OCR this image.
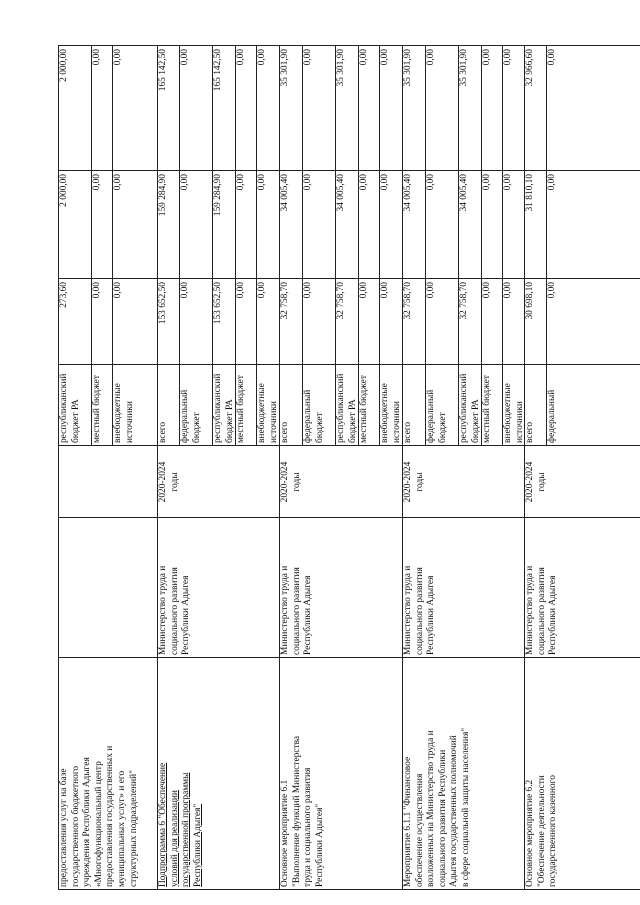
предоставления услуг на базе государственного бюджетного учреждения Республики Адыгея «Многофункциональный центр предоставления государственных и муниципальных услуг» и его структурных подразделений"
республиканский бюджет РА
273,60
2 000,00
2 000,00
местный бюджет
0,00
0,00
0,00
внебюджетные источники
0,00
0,00
0,00
Подпрограмма 6 "Обеспечение условий для реализации государственной программы Республики Адыгея"
Министерство труда и социального развития Республики Адыгея
2020-2024 годы
всего
153 652,50
159 284,90
165 142,50
федеральный бюджет
0,00
0,00
0,00
республиканский бюджет РА
153 652,50
159 284,90
165 142,50
местный бюджет
0,00
0,00
0,00
внебюджетные источники
0,00
0,00
0,00
Основное мероприятие 6.1 "Выполнение функций Министерства труда и социального развития Республики Адыгея"
Министерство труда и социального развития Республики Адыгея
2020-2024 годы
всего
32 758,70
34 005,40
35 301,90
федеральный бюджет
0,00
0,00
0,00
республиканский бюджет РА
32 758,70
34 005,40
35 301,90
местный бюджет
0,00
0,00
0,00
внебюджетные источники
0,00
0,00
0,00
Мероприятие 6.1.1 "Финансовое обеспечение осуществления возложенных на Министерство труда и социального развития Республики Адыгея государственных полномочий в сфере социальной защиты населения"
Министерство труда и социального развития Республики Адыгея
2020-2024 годы
всего
32 758,70
34 005,40
35 301,90
федеральный бюджет
0,00
0,00
0,00
республиканский бюджет РА
32 758,70
34 005,40
35 301,90
местный бюджет
0,00
0,00
0,00
внебюджетные источники
0,00
0,00
0,00
Основное мероприятие 6.2 "Обеспечение деятельности государственного казенного
Министерство труда и социального развития Республики Адыгея
2020-2024 годы
всего
30 698,10
31 810,10
32 966,60
федеральный
0,00
0,00
0,00
